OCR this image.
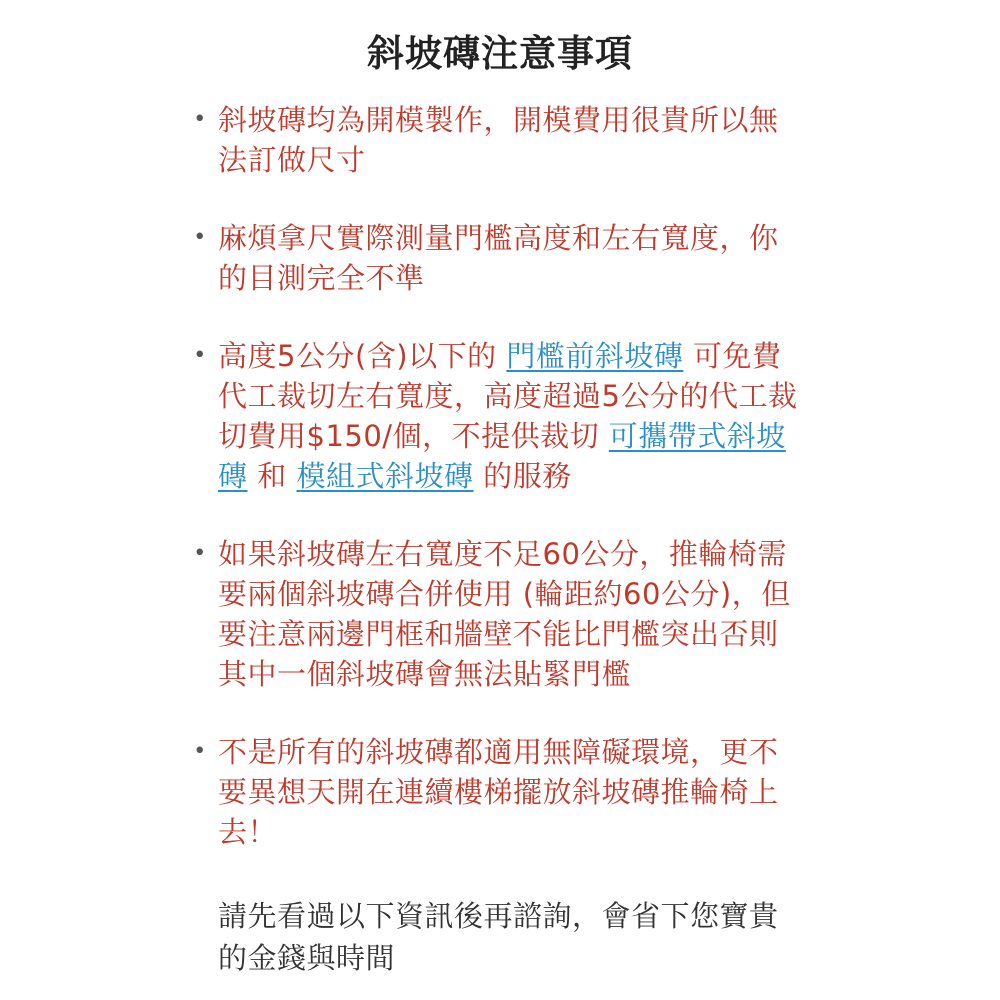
斜坡磚注意事項
• 斜坡磚均為開模製作，開模費用很貴所以無法訂做尺寸
• 麻煩拿尺實際測量門檻高度和左右寬度，你的目測完全不準
• 高度5公分(含)以下的 門檻前斜坡磚 可免費代工裁切左右寬度，高度超過5公分的代工裁切費用$150/個，不提供裁切 可攜帶式斜坡磚 和 模組式斜坡磚 的服務
• 如果斜坡磚左右寬度不足60公分，推輪椅需要兩個斜坡磚合併使用 (輪距約60公分)，但要注意兩邊門框和牆壁不能比門檻突出否則其中一個斜坡磚會無法貼緊門檻
• 不是所有的斜坡磚都適用無障礙環境，更不要異想天開在連續樓梯擺放斜坡磚推輪椅上去！
請先看過以下資訊後再諮詢，會省下您寶貴的金錢與時間
